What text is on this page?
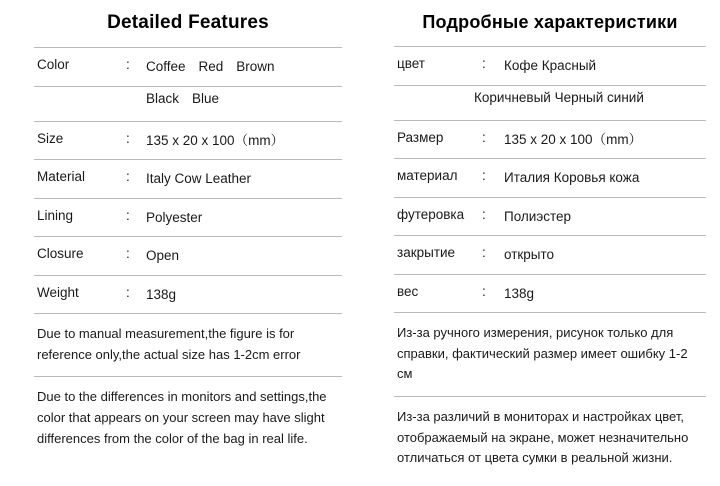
Detailed Features
Color	:	Coffee Red Brown
Black Blue
Size	:	135 x 20 x 100（mm）
Material	:	Italy Cow Leather
Lining	:	Polyester
Closure	:	Open
Weight	:	138g
Due to manual measurement,the figure is for reference only,the actual size has 1-2cm error
Due to the differences in monitors and settings,the color that appears on your screen may have slight differences from the color of the bag in real life.
Подробные характеристики
цвет	:	Кофе Красный
Коричневый Черный синий
Размер	:	135 x 20 x 100（mm）
материал	:	Италия Коровья кожа
футеровка	:	Полиэстер
закрытие	:	открыто
вес	:	138g
Из-за ручного измерения, рисунок только для справки, фактический размер имеет ошибку 1-2 см
Из-за различий в мониторах и настройках цвет, отображаемый на экране, может незначительно отличаться от цвета сумки в реальной жизни.
